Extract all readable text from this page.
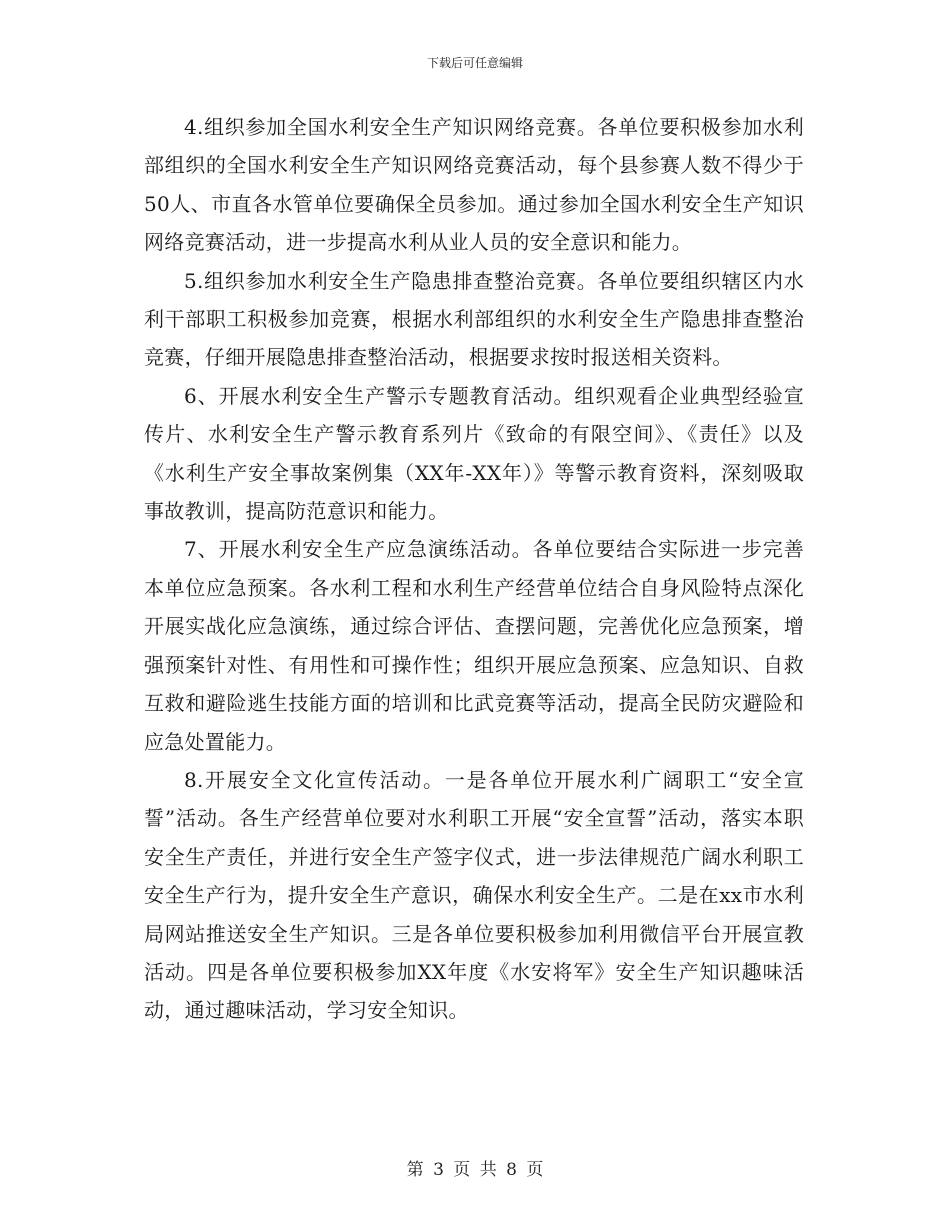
下载后可任意编辑

4.组织参加全国水利安全生产知识网络竞赛。各单位要积极参加水利部组织的全国水利安全生产知识网络竞赛活动，每个县参赛人数不得少于50人、市直各水管单位要确保全员参加。通过参加全国水利安全生产知识网络竞赛活动，进一步提高水利从业人员的安全意识和能力。

5.组织参加水利安全生产隐患排查整治竞赛。各单位要组织辖区内水利干部职工积极参加竞赛，根据水利部组织的水利安全生产隐患排查整治竞赛，仔细开展隐患排查整治活动，根据要求按时报送相关资料。

6、开展水利安全生产警示专题教育活动。组织观看企业典型经验宣传片、水利安全生产警示教育系列片《致命的有限空间》、《责任》以及《水利生产安全事故案例集（XX年-XX年）》等警示教育资料，深刻吸取事故教训，提高防范意识和能力。

7、开展水利安全生产应急演练活动。各单位要结合实际进一步完善本单位应急预案。各水利工程和水利生产经营单位结合自身风险特点深化开展实战化应急演练，通过综合评估、查摆问题，完善优化应急预案，增强预案针对性、有用性和可操作性；组织开展应急预案、应急知识、自救互救和避险逃生技能方面的培训和比武竞赛等活动，提高全民防灾避险和应急处置能力。

8.开展安全文化宣传活动。一是各单位开展水利广阔职工“安全宣誓”活动。各生产经营单位要对水利职工开展“安全宣誓”活动，落实本职安全生产责任，并进行安全生产签字仪式，进一步法律规范广阔水利职工安全生产行为，提升安全生产意识，确保水利安全生产。二是在xx市水利局网站推送安全生产知识。三是各单位要积极参加利用微信平台开展宣教活动。四是各单位要积极参加XX年度《水安将军》安全生产知识趣味活动，通过趣味活动，学习安全知识。

第 3 页 共 8 页
